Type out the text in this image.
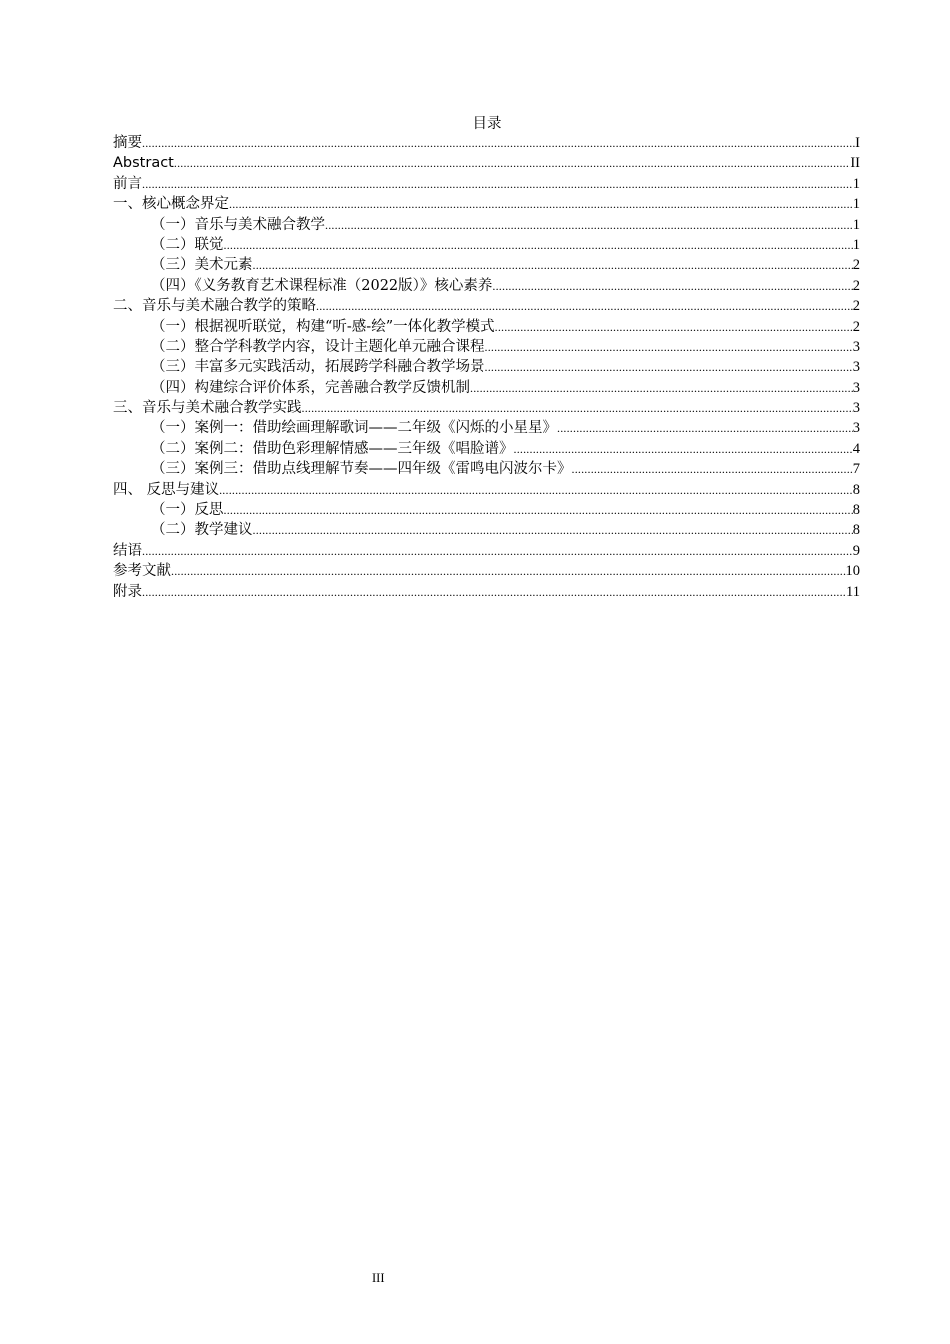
目录
摘要 .....	I
Abstract .....	II
前言 .....	1
一、核心概念界定 .....	1
（一）音乐与美术融合教学 .....	1
（二）联觉 .....	1
（三）美术元素 .....	2
（四）《义务教育艺术课程标准（2022版）》核心素养 .....	2
二、音乐与美术融合教学的策略 .....	2
（一）根据视听联觉，构建“听-感-绘”一体化教学模式 .....	2
（二）整合学科教学内容，设计主题化单元融合课程 .....	3
（三）丰富多元实践活动，拓展跨学科融合教学场景 .....	3
（四）构建综合评价体系，完善融合教学反馈机制 .....	3
三、音乐与美术融合教学实践 .....	3
（一）案例一：借助绘画理解歌词——二年级《闪烁的小星星》 .....	3
（二）案例二：借助色彩理解情感——三年级《唱脸谱》 .....	4
（三）案例三：借助点线理解节奏——四年级《雷鸣电闪波尔卡》 .....	7
四、 反思与建议 .....	8
（一）反思 .....	8
（二）教学建议 .....	8
结语 .....	9
参考文献 .....	10
附录 .....	11
III
